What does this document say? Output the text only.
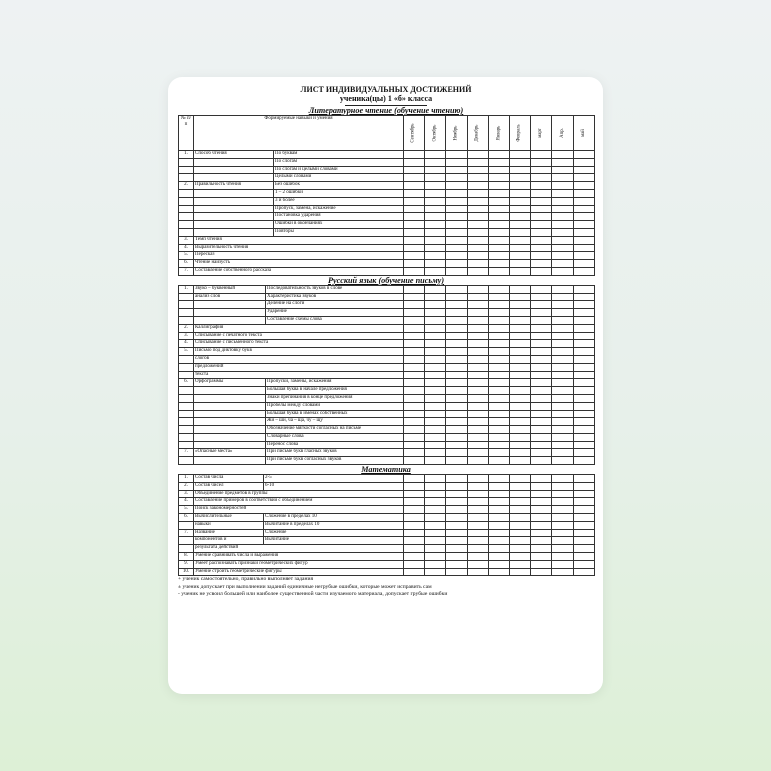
ЛИСТ ИНДИВИДУАЛЬНЫХ ДОСТИЖЕНИЙ
ученика(цы) 1 «б» класса
Литературное чтение (обучение чтению)
№ п/п	Формируемые навыки и умения		Сентябрь	Октябрь	Ноябрь	Декабрь	Январь	Февраль	март	Апр.	май
1.	Способ чтения	По буквам									
		По слогам									
		По слогам и целыми словами									
		Целыми словами									
2.	Правильность чтения	Без ошибок									
		1 – 2 ошибки									
		3 и более									
		Пропуск, замена, искажение									
		Постановка ударения									
		Ошибки в окончаниях									
		Повторы									
3.	Темп чтения										
4.	Выразительность чтения										
5.	Пересказ										
6.	Чтение наизусть										
7.	Составление собственного рассказа										
Русский язык (обучение письму)
1.	Звуко – буквенный	Последовательность звуков в слове									
	анализ слов	Характеристика звуков									
		Деление на слоги									
		Ударение									
		Составление схемы слова									
2.	Каллиграфия										
3.	Списывание с печатного текста										
4.	Списывание с письменного текста										
5.	Письмо под диктовку букв										
	слогов										
	предложений										
	текста										
6.	Орфограммы	Пропуски, замены, искажения									
		Большая буква в начале предложения									
		Знаки препинания в конце предложения									
		Пробелы между словами									
		Большая буква в именах собственных									
		Жи – ши, ча – ща, чу – щу									
		Обозначение мягкости согласных на письме									
		Словарные слова									
		Перенос слова									
7.	«Опасные места»	При письме букв гласных звуков									
		При письме букв согласных звуков									
Математика
1.	Состав числа	2-5									
2.	Состав чисел	6-10									
3.	Объединение предметов в группы										
4.	Составление примеров в соответствии с объединением										
5.	Поиск закономерностей										
6.	Вычислительные	Сложение в пределах 10									
	навыки	Вычитание в пределах 10									
7.	Название	Сложение									
	компонентов и	Вычитание									
	результата действий										
8.	Умение сравнивать числа и выражения										
9.	Умеет распознавать признаки геометрических фигур										
10.	Умение строить геометрические фигуры										
+ ученик самостоятельно, правильно выполняет задания
± ученик допускает при выполнении заданий единичные негрубые ошибки, которые может исправить сам
- ученик не усвоил большей или наиболее существенной части изучаемого материала, допускает грубые ошибки
